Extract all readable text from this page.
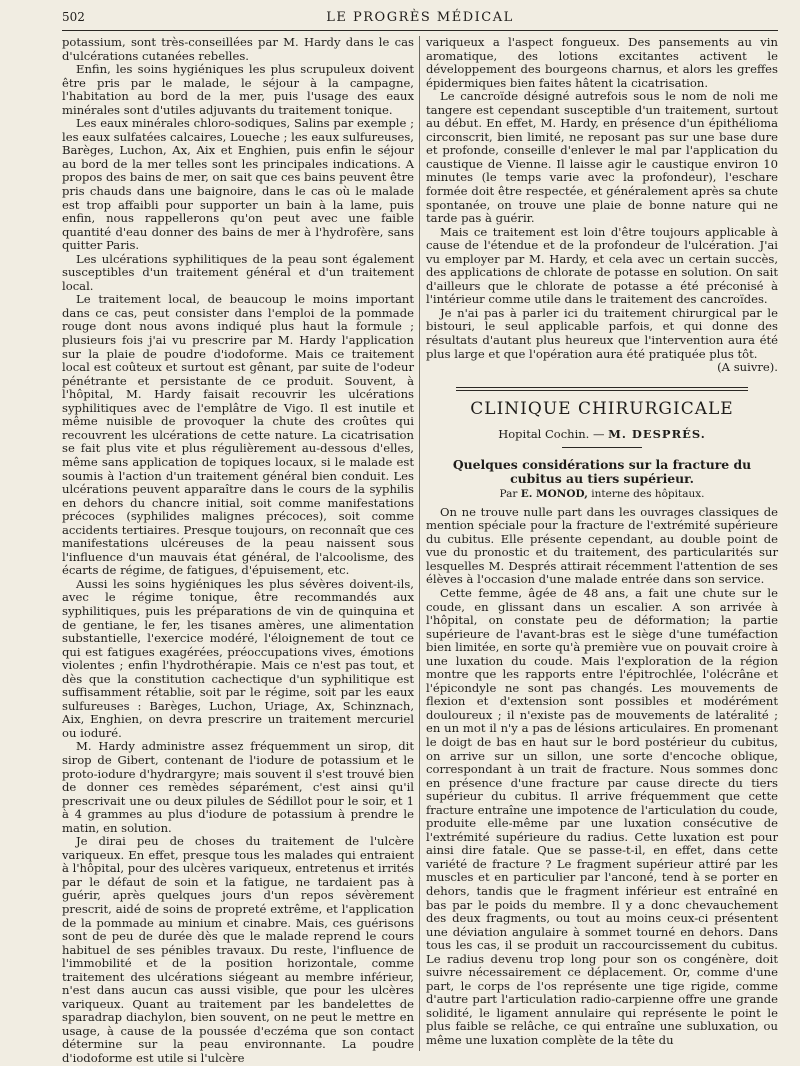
502	LE PROGRÈS MÉDICAL

potassium, sont très-conseillées par M. Hardy dans le cas d'ulcérations cutanées rebelles.

Enfin, les soins hygiéniques les plus scrupuleux doivent être pris par le malade, le séjour à la campagne, l'habitation au bord de la mer, puis l'usage des eaux minérales sont d'utiles adjuvants du traitement tonique.

Les eaux minérales chloro-sodiques, Salins par exemple ; les eaux sulfatées calcaires, Loueche ; les eaux sulfureuses, Barèges, Luchon, Ax, Aix et Enghien, puis enfin le séjour au bord de la mer telles sont les principales indications. A propos des bains de mer, on sait que ces bains peuvent être pris chauds dans une baignoire, dans le cas où le malade est trop affaibli pour supporter un bain à la lame, puis enfin, nous rappellerons qu'on peut avec une faible quantité d'eau donner des bains de mer à l'hydrofère, sans quitter Paris.

Les ulcérations syphilitiques de la peau sont également susceptibles d'un traitement général et d'un traitement local.

Le traitement local, de beaucoup le moins important dans ce cas, peut consister dans l'emploi de la pommade rouge dont nous avons indiqué plus haut la formule ; plusieurs fois j'ai vu prescrire par M. Hardy l'application sur la plaie de poudre d'iodoforme. Mais ce traitement local est coûteux et surtout est gênant, par suite de l'odeur pénétrante et persistante de ce produit. Souvent, à l'hôpital, M. Hardy faisait recouvrir les ulcérations syphilitiques avec de l'emplâtre de Vigo. Il est inutile et même nuisible de provoquer la chute des croûtes qui recouvrent les ulcérations de cette nature. La cicatrisation se fait plus vite et plus régulièrement au-dessous d'elles, même sans application de topiques locaux, si le malade est soumis à l'action d'un traitement général bien conduit. Les ulcérations peuvent apparaître dans le cours de la syphilis en dehors du chancre initial, soit comme manifestations précoces (syphilides malignes précoces), soit comme accidents tertiaires. Presque toujours, on reconnaît que ces manifestations ulcéreuses de la peau naissent sous l'influence d'un mauvais état général, de l'alcoolisme, des écarts de régime, de fatigues, d'épuisement, etc.

Aussi les soins hygiéniques les plus sévères doivent-ils, avec le régime tonique, être recommandés aux syphilitiques, puis les préparations de vin de quinquina et de gentiane, le fer, les tisanes amères, une alimentation substantielle, l'exercice modéré, l'éloignement de tout ce qui est fatigues exagérées, préoccupations vives, émotions violentes ; enfin l'hydrothérapie. Mais ce n'est pas tout, et dès que la constitution cachectique d'un syphilitique est suffisamment rétablie, soit par le régime, soit par les eaux sulfureuses : Barèges, Luchon, Uriage, Ax, Schinznach, Aix, Enghien, on devra prescrire un traitement mercuriel ou ioduré.

M. Hardy administre assez fréquemment un sirop, dit sirop de Gibert, contenant de l'iodure de potassium et le proto-iodure d'hydrargyre; mais souvent il s'est trouvé bien de donner ces remèdes séparément, c'est ainsi qu'il prescrivait une ou deux pilules de Sédillot pour le soir, et 1 à 4 grammes au plus d'iodure de potassium à prendre le matin, en solution.

Je dirai peu de choses du traitement de l'ulcère variqueux. En effet, presque tous les malades qui entraient à l'hôpital, pour des ulcères variqueux, entretenus et irrités par le défaut de soin et la fatigue, ne tardaient pas à guérir, après quelques jours d'un repos sévèrement prescrit, aidé de soins de propreté extrême, et l'application de la pommade au minium et cinabre. Mais, ces guérisons sont de peu de durée dès que le malade reprend le cours habituel de ses pénibles travaux. Du reste, l'influence de l'immobilité et de la position horizontale, comme traitement des ulcérations siégeant au membre inférieur, n'est dans aucun cas aussi visible, que pour les ulcères variqueux. Quant au traitement par les bandelettes de sparadrap diachylon, bien souvent, on ne peut le mettre en usage, à cause de la poussée d'eczéma que son contact détermine sur la peau environnante. La poudre d'iodoforme est utile si l'ulcère

variqueux a l'aspect fongueux. Des pansements au vin aromatique, des lotions excitantes activent le développement des bourgeons charnus, et alors les greffes épidermiques bien faites hâtent la cicatrisation.

Le cancroïde désigné autrefois sous le nom de noli me tangere est cependant susceptible d'un traitement, surtout au début. En effet, M. Hardy, en présence d'un épithélioma circonscrit, bien limité, ne reposant pas sur une base dure et profonde, conseille d'enlever le mal par l'application du caustique de Vienne. Il laisse agir le caustique environ 10 minutes (le temps varie avec la profondeur), l'eschare formée doit être respectée, et généralement après sa chute spontanée, on trouve une plaie de bonne nature qui ne tarde pas à guérir.

Mais ce traitement est loin d'être toujours applicable à cause de l'étendue et de la profondeur de l'ulcération. J'ai vu employer par M. Hardy, et cela avec un certain succès, des applications de chlorate de potasse en solution. On sait d'ailleurs que le chlorate de potasse a été préconisé à l'intérieur comme utile dans le traitement des cancroïdes.

Je n'ai pas à parler ici du traitement chirurgical par le bistouri, le seul applicable parfois, et qui donne des résultats d'autant plus heureux que l'intervention aura été plus large et que l'opération aura été pratiquée plus tôt.

(A suivre).

CLINIQUE CHIRURGICALE
Hopital Cochin. — M. DESPRÉS.
Quelques considérations sur la fracture du cubitus au tiers supérieur.
Par E. MONOD, interne des hôpitaux.

On ne trouve nulle part dans les ouvrages classiques de mention spéciale pour la fracture de l'extrémité supérieure du cubitus. Elle présente cependant, au double point de vue du pronostic et du traitement, des particularités sur lesquelles M. Després attirait récemment l'attention de ses élèves à l'occasion d'une malade entrée dans son service.

Cette femme, âgée de 48 ans, a fait une chute sur le coude, en glissant dans un escalier. A son arrivée à l'hôpital, on constate peu de déformation; la partie supérieure de l'avant-bras est le siège d'une tuméfaction bien limitée, en sorte qu'à première vue on pouvait croire à une luxation du coude. Mais l'exploration de la région montre que les rapports entre l'épitrochlée, l'olécrâne et l'épicondyle ne sont pas changés. Les mouvements de flexion et d'extension sont possibles et modérément douloureux ; il n'existe pas de mouvements de latéralité ; en un mot il n'y a pas de lésions articulaires. En promenant le doigt de bas en haut sur le bord postérieur du cubitus, on arrive sur un sillon, une sorte d'encoche oblique, correspondant à un trait de fracture. Nous sommes donc en présence d'une fracture par cause directe du tiers supérieur du cubitus. Il arrive fréquemment que cette fracture entraîne une impotence de l'articulation du coude, produite elle-même par une luxation consécutive de l'extrémité supérieure du radius. Cette luxation est pour ainsi dire fatale. Que se passe-t-il, en effet, dans cette variété de fracture ? Le fragment supérieur attiré par les muscles et en particulier par l'anconé, tend à se porter en dehors, tandis que le fragment inférieur est entraîné en bas par le poids du membre. Il y a donc chevauchement des deux fragments, ou tout au moins ceux-ci présentent une déviation angulaire à sommet tourné en dehors. Dans tous les cas, il se produit un raccourcissement du cubitus. Le radius devenu trop long pour son os congénère, doit suivre nécessairement ce déplacement. Or, comme d'une part, le corps de l'os représente une tige rigide, comme d'autre part l'articulation radio-carpienne offre une grande solidité, le ligament annulaire qui représente le point le plus faible se relâche, ce qui entraîne une subluxation, ou même une luxation complète de la tête du
